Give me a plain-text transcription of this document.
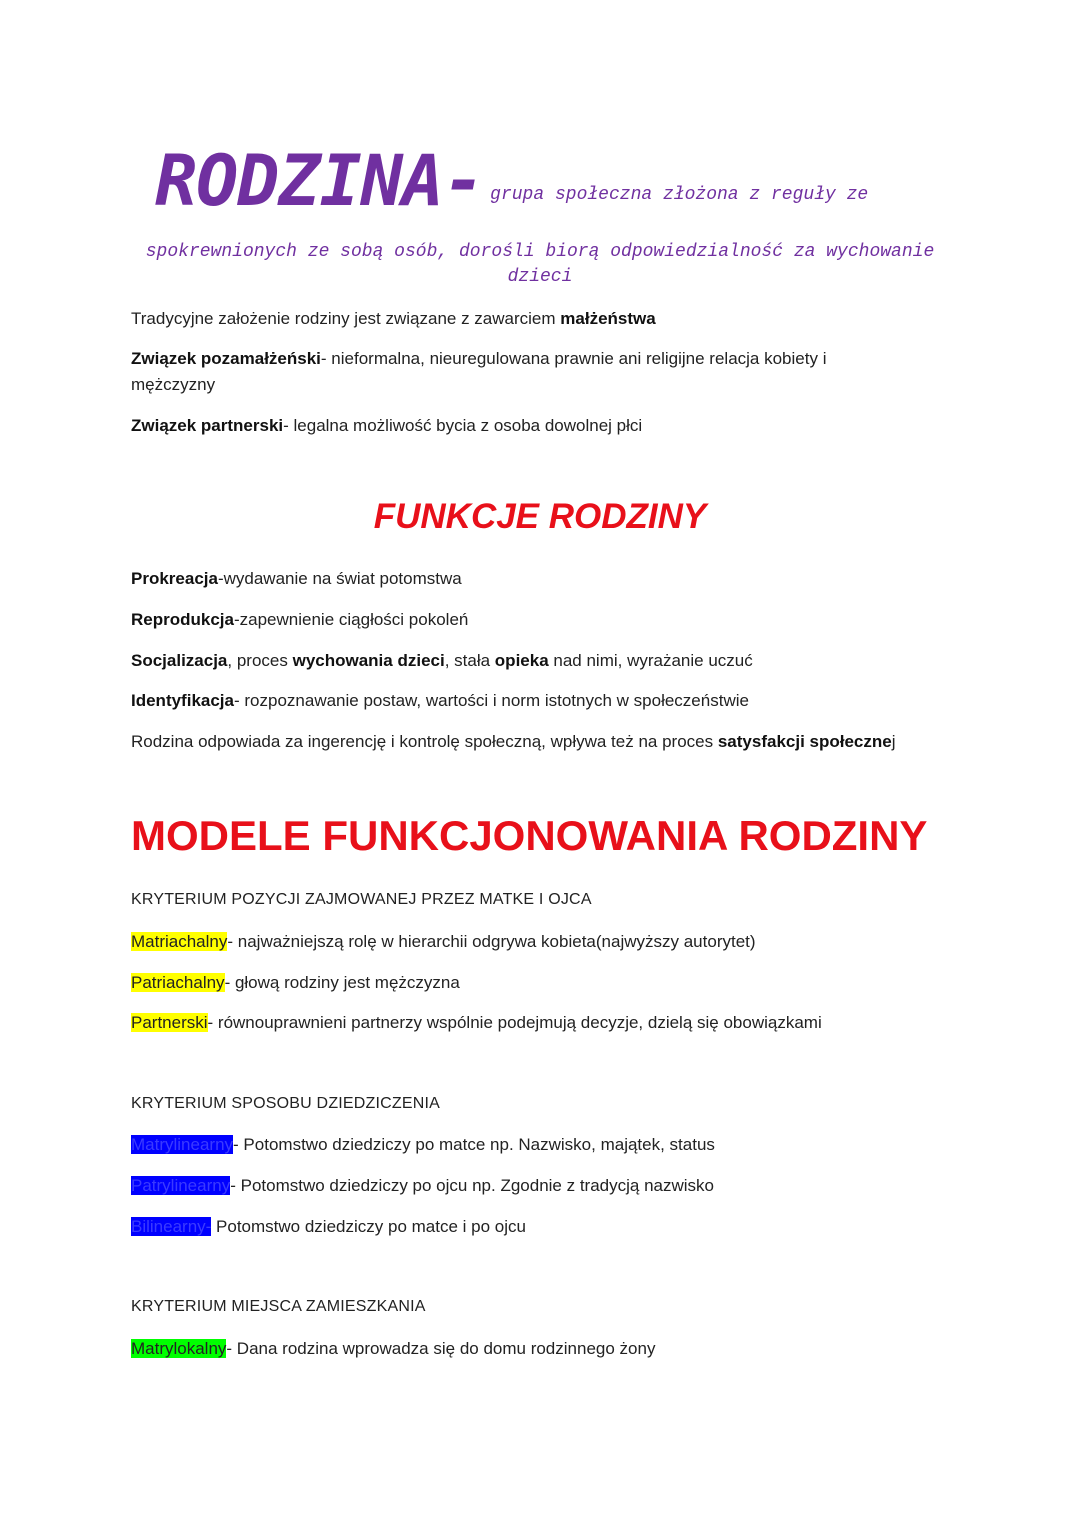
RODZINA- grupa społeczna złożona z reguły ze
spokrewnionych ze sobą osób, dorośli biorą odpowiedzialność za wychowanie dzieci
Tradycyjne założenie rodziny jest związane z zawarciem małżeństwa
Związek pozamałżeński- nieformalna, nieuregulowana prawnie ani religijne relacja kobiety i mężczyzny
Związek partnerski- legalna możliwość bycia z osoba dowolnej płci
FUNKCJE RODZINY
Prokreacja-wydawanie na świat potomstwa
Reprodukcja-zapewnienie ciągłości pokoleń
Socjalizacja, proces wychowania dzieci, stała opieka nad nimi, wyrażanie uczuć
Identyfikacja- rozpoznawanie postaw, wartości i norm istotnych w społeczeństwie
Rodzina odpowiada za ingerencję i kontrolę społeczną, wpływa też na proces satysfakcji społecznej
MODELE FUNKCJONOWANIA RODZINY
KRYTERIUM POZYCJI ZAJMOWANEJ PRZEZ MATKE I OJCA
Matriachalny- najważniejszą rolę w hierarchii odgrywa kobieta(najwyższy autorytet)
Patriachalny- głową rodziny jest mężczyzna
Partnerski- równouprawnieni partnerzy wspólnie podejmują decyzje, dzielą się obowiązkami
KRYTERIUM SPOSOBU DZIEDZICZENIA
Matrylinearny- Potomstwo dziedziczy po matce np. Nazwisko, majątek, status
Patrylinearny- Potomstwo dziedziczy po ojcu np. Zgodnie z tradycją nazwisko
Bilinearny- Potomstwo dziedziczy po matce i po ojcu
KRYTERIUM MIEJSCA ZAMIESZKANIA
Matrylokalny- Dana rodzina wprowadza się do domu rodzinnego żony
